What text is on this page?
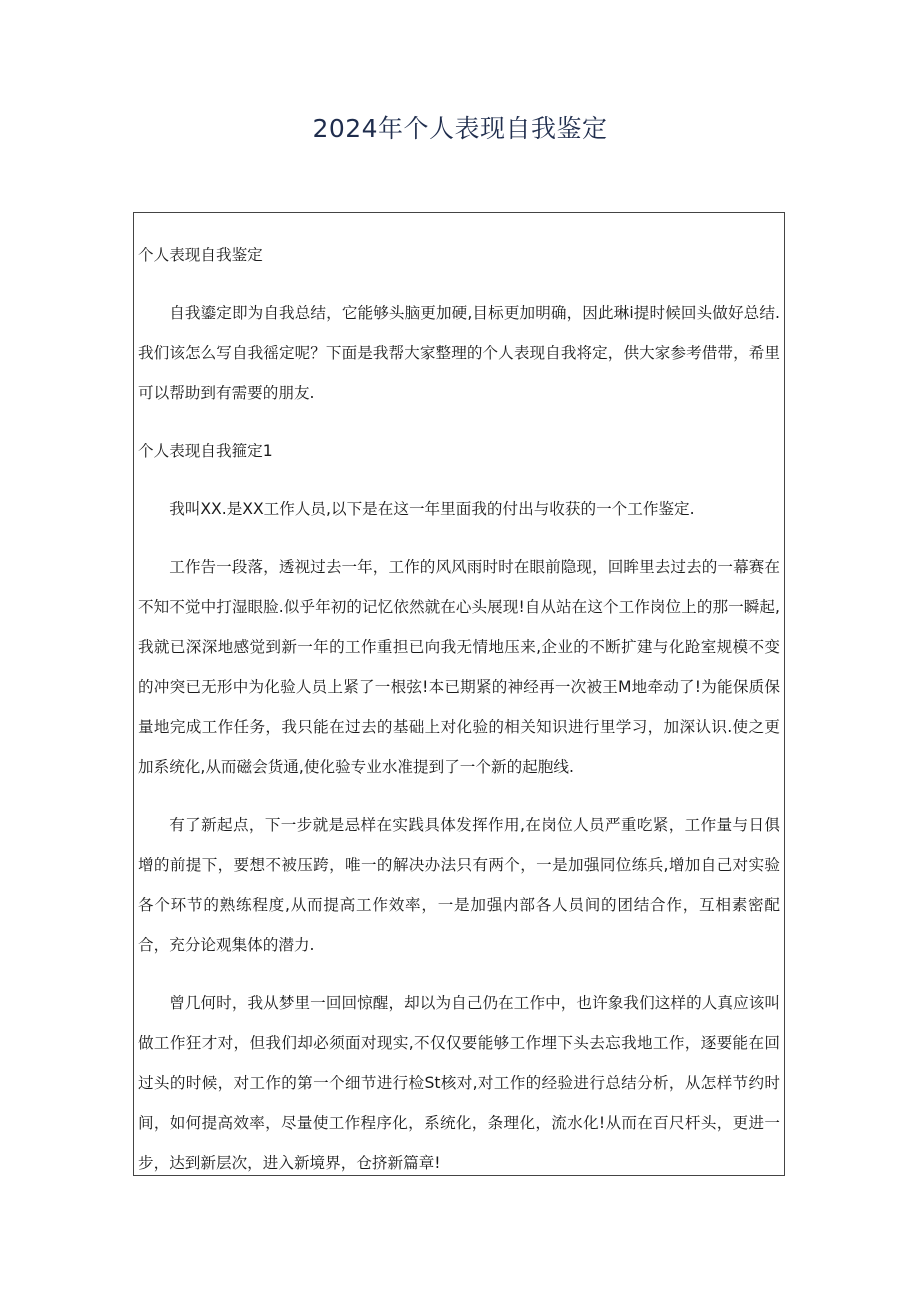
2024年个人表现自我鉴定
个人表现自我鉴定
自我鎏定即为自我总结，它能够头脑更加硬,目标更加明确，因此琳i提时候回头做好总结.我们该怎么写自我徭定呢？下面是我帮大家整理的个人表现自我将定，供大家参考借带，希里可以帮助到有需要的朋友.
个人表现自我箍定1
我叫XX.是XX工作人员,以下是在这一年里面我的付出与收获的一个工作鉴定.
工作告一段落，透视过去一年，工作的风风雨时时在眼前隐现，回眸里去过去的一幕赛在不知不觉中打湿眼脸.似乎年初的记忆依然就在心头展现!自从站在这个工作岗位上的那一瞬起,我就已深深地感觉到新一年的工作重担已向我无情地压来,企业的不断扩建与化跄室规模不变的冲突已无形中为化验人员上紧了一根弦!本已期紧的神经再一次被王M地牵动了!为能保质保量地完成工作任务，我只能在过去的基础上对化验的相关知识进行里学习，加深认识.使之更加系统化,从而磁会货通,使化验专业水准提到了一个新的起胞线.
有了新起点，下一步就是忌样在实践具体发挥作用,在岗位人员严重吃紧，工作量与日俱增的前提下，要想不被压跨，唯一的解决办法只有两个，一是加强同位练兵,增加自己对实验各个环节的熟练程度,从而提高工作效率，一是加强内部各人员间的团结合作，互相素密配合，充分论观集体的潜力.
曾几何时，我从梦里一回回惊醒，却以为自己仍在工作中，也许象我们这样的人真应该叫做工作狂才对，但我们却必须面对现实,不仅仅要能够工作埋下头去忘我地工作，逐要能在回过头的时候，对工作的第一个细节进行检St核对,对工作的经验进行总结分析，从怎样节约时间，如何提高效率，尽量使工作程序化，系统化，条理化，流水化!从而在百尺杆头，更进一步，达到新层次，进入新境界，仓挤新篇章!
